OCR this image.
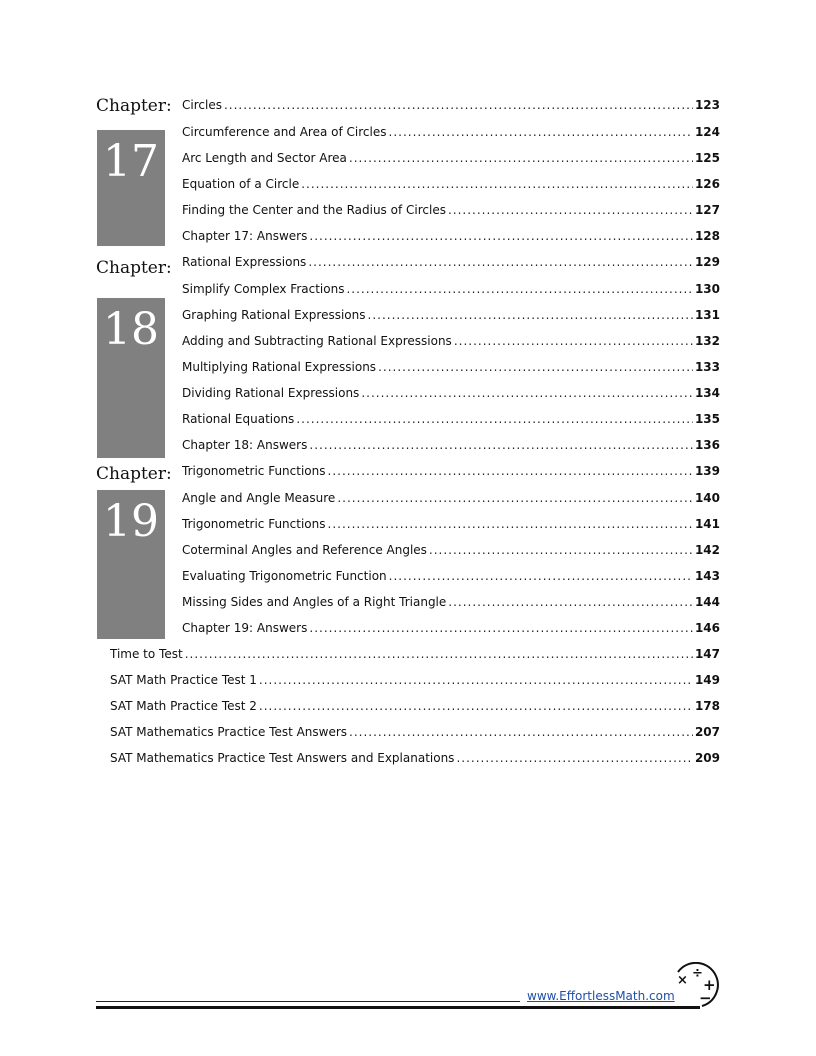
Chapter:
17
Chapter:
18
Chapter:
19
Circles .....	123
Circumference and Area of Circles .....	124
Arc Length and Sector Area .....	125
Equation of a Circle .....	126
Finding the Center and the Radius of Circles .....	127
Chapter 17: Answers .....	128
Rational Expressions .....	129
Simplify Complex Fractions .....	130
Graphing Rational Expressions .....	131
Adding and Subtracting Rational Expressions .....	132
Multiplying Rational Expressions .....	133
Dividing Rational Expressions .....	134
Rational Equations .....	135
Chapter 18: Answers .....	136
Trigonometric Functions .....	139
Angle and Angle Measure .....	140
Trigonometric Functions .....	141
Coterminal Angles and Reference Angles .....	142
Evaluating Trigonometric Function .....	143
Missing Sides and Angles of a Right Triangle .....	144
Chapter 19: Answers .....	146
Time to Test .....	147
SAT Math Practice Test 1 .....	149
SAT Math Practice Test 2 .....	178
SAT Mathematics Practice Test Answers .....	207
SAT Mathematics Practice Test Answers and Explanations .....	209
www.EffortlessMath.com
× ÷
+
−
